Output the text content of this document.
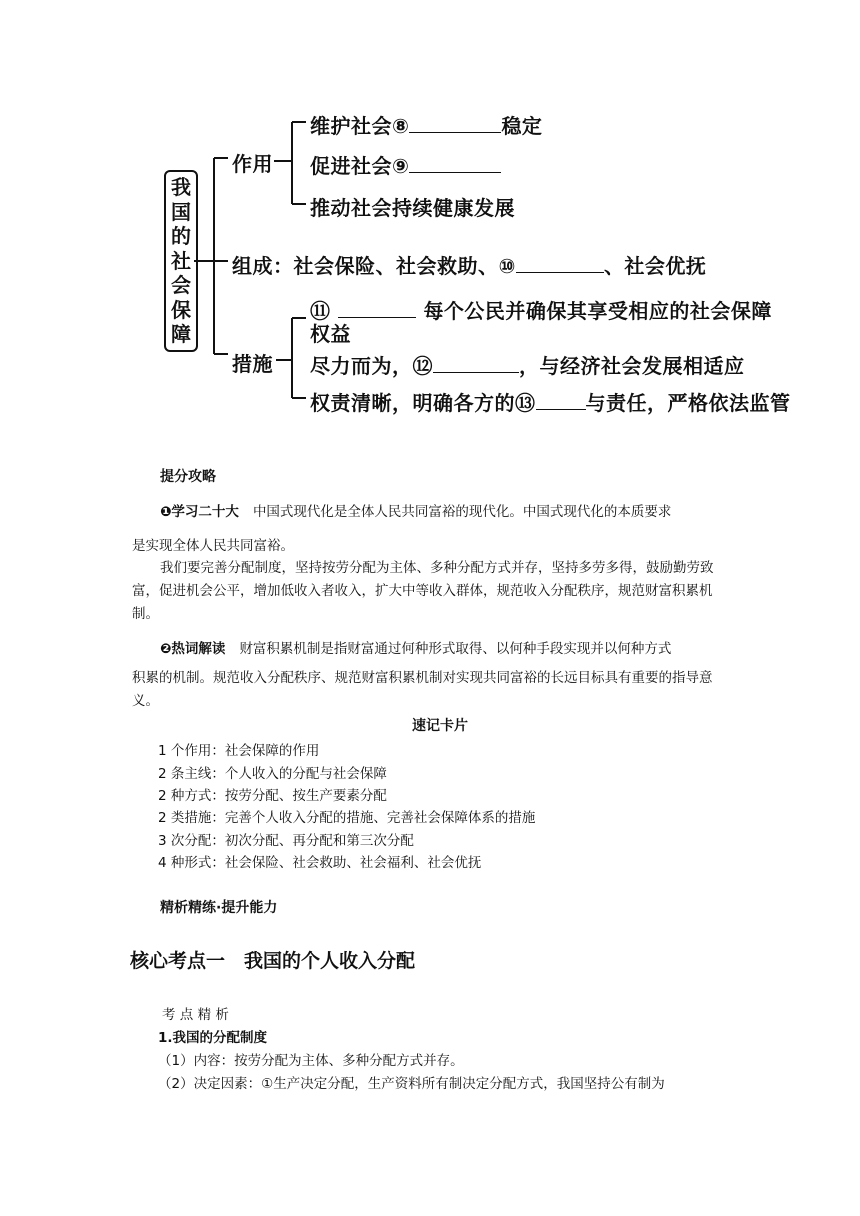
我
国
的
社
会
保
障
作用
维护社会⑧	稳定
促进社会⑨
推动社会持续健康发展
组成：社会保险、社会救助、⑩	、社会优抚
措施
⑪	每个公民并确保其享受相应的社会保障
权益
尽力而为，⑫	，与经济社会发展相适应
权责清晰，明确各方的⑬	与责任，严格依法监管
提分攻略
❶学习二十大 中国式现代化是全体人民共同富裕的现代化。中国式现代化的本质要求
是实现全体人民共同富裕。
我们要完善分配制度，坚持按劳分配为主体、多种分配方式并存，坚持多劳多得，鼓励勤劳致富，促进机会公平，增加低收入者收入，扩大中等收入群体，规范收入分配秩序，规范财富积累机制。
❷热词解读 财富积累机制是指财富通过何种形式取得、以何种手段实现并以何种方式
积累的机制。规范收入分配秩序、规范财富积累机制对实现共同富裕的长远目标具有重要的指导意义。
速记卡片
1 个作用：社会保障的作用
2 条主线：个人收入的分配与社会保障
2 种方式：按劳分配、按生产要素分配
2 类措施：完善个人收入分配的措施、完善社会保障体系的措施
3 次分配：初次分配、再分配和第三次分配
4 种形式：社会保险、社会救助、社会福利、社会优抚
精析精练·提升能力
核心考点一　我国的个人收入分配
考 点 精 析
1.我国的分配制度
（1）内容：按劳分配为主体、多种分配方式并存。
（2）决定因素：①生产决定分配，生产资料所有制决定分配方式，我国坚持公有制为
